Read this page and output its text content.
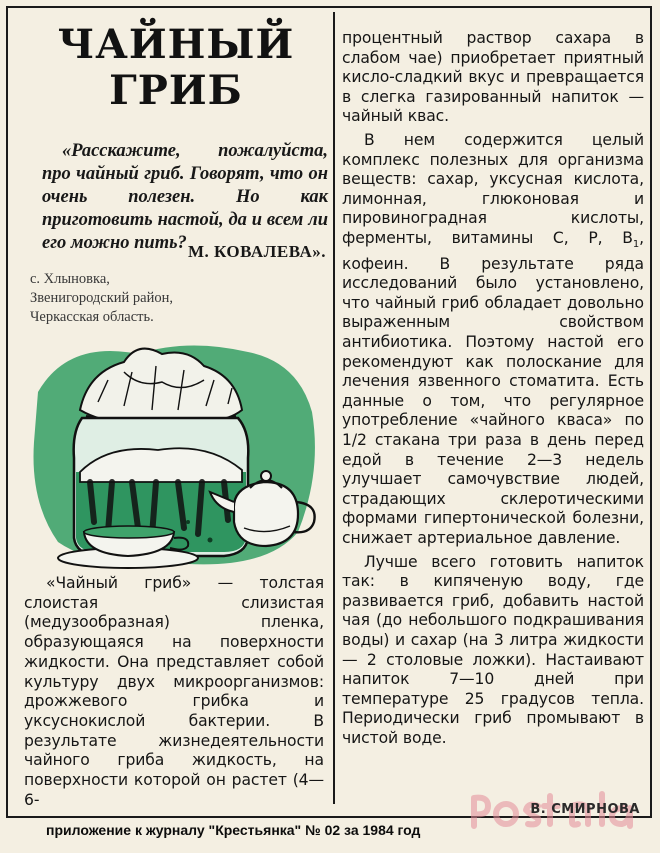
ЧАЙНЫЙ
ГРИБ

«Расскажите, пожалуйста, про чайный гриб. Говорят, что он очень полезен. Но как приготовить настой, да и всем ли его можно пить? М. КОВАЛЕВА».

с. Хлыновка,
Звенигородский район,
Черкасская область.

«Чайный гриб» — толстая слоистая слизистая (медузообразная) пленка, образующаяся на поверхности жидкости. Она представляет собой культуру двух микроорганизмов: дрожжевого грибка и уксуснокислой бактерии. В результате жизнедеятельности чайного гриба жидкость, на поверхности которой он растет (4—6-

процентный раствор сахара в слабом чае) приобретает приятный кисло-сладкий вкус и превращается в слегка газированный напиток — чайный квас.

В нем содержится целый комплекс полезных для организма веществ: сахар, уксусная кислота, лимонная, глюконовая и пировиноградная кислоты, ферменты, витамины С, Р, $В_1$, кофеин. В результате ряда исследований было установлено, что чайный гриб обладает довольно выраженным свойством антибиотика. Поэтому настой его рекомендуют как полоскание для лечения язвенного стоматита. Есть данные о том, что регулярное употребление «чайного кваса» по 1/2 стакана три раза в день перед едой в течение 2—3 недель улучшает самочувствие людей, страдающих склеротическими формами гипертонической болезни, снижает артериальное давление.

Лучше всего готовить напиток так: в кипяченую воду, где развивается гриб, добавить настой чая (до небольшого подкрашивания воды) и сахар (на 3 литра жидкости — 2 столовые ложки). Настаивают напиток 7—10 дней при температуре 25 градусов тепла. Периодически гриб промывают в чистой воде.

В. СМИРНОВА
приложение к журналу "Крестьянка" № 02 за 1984 год
